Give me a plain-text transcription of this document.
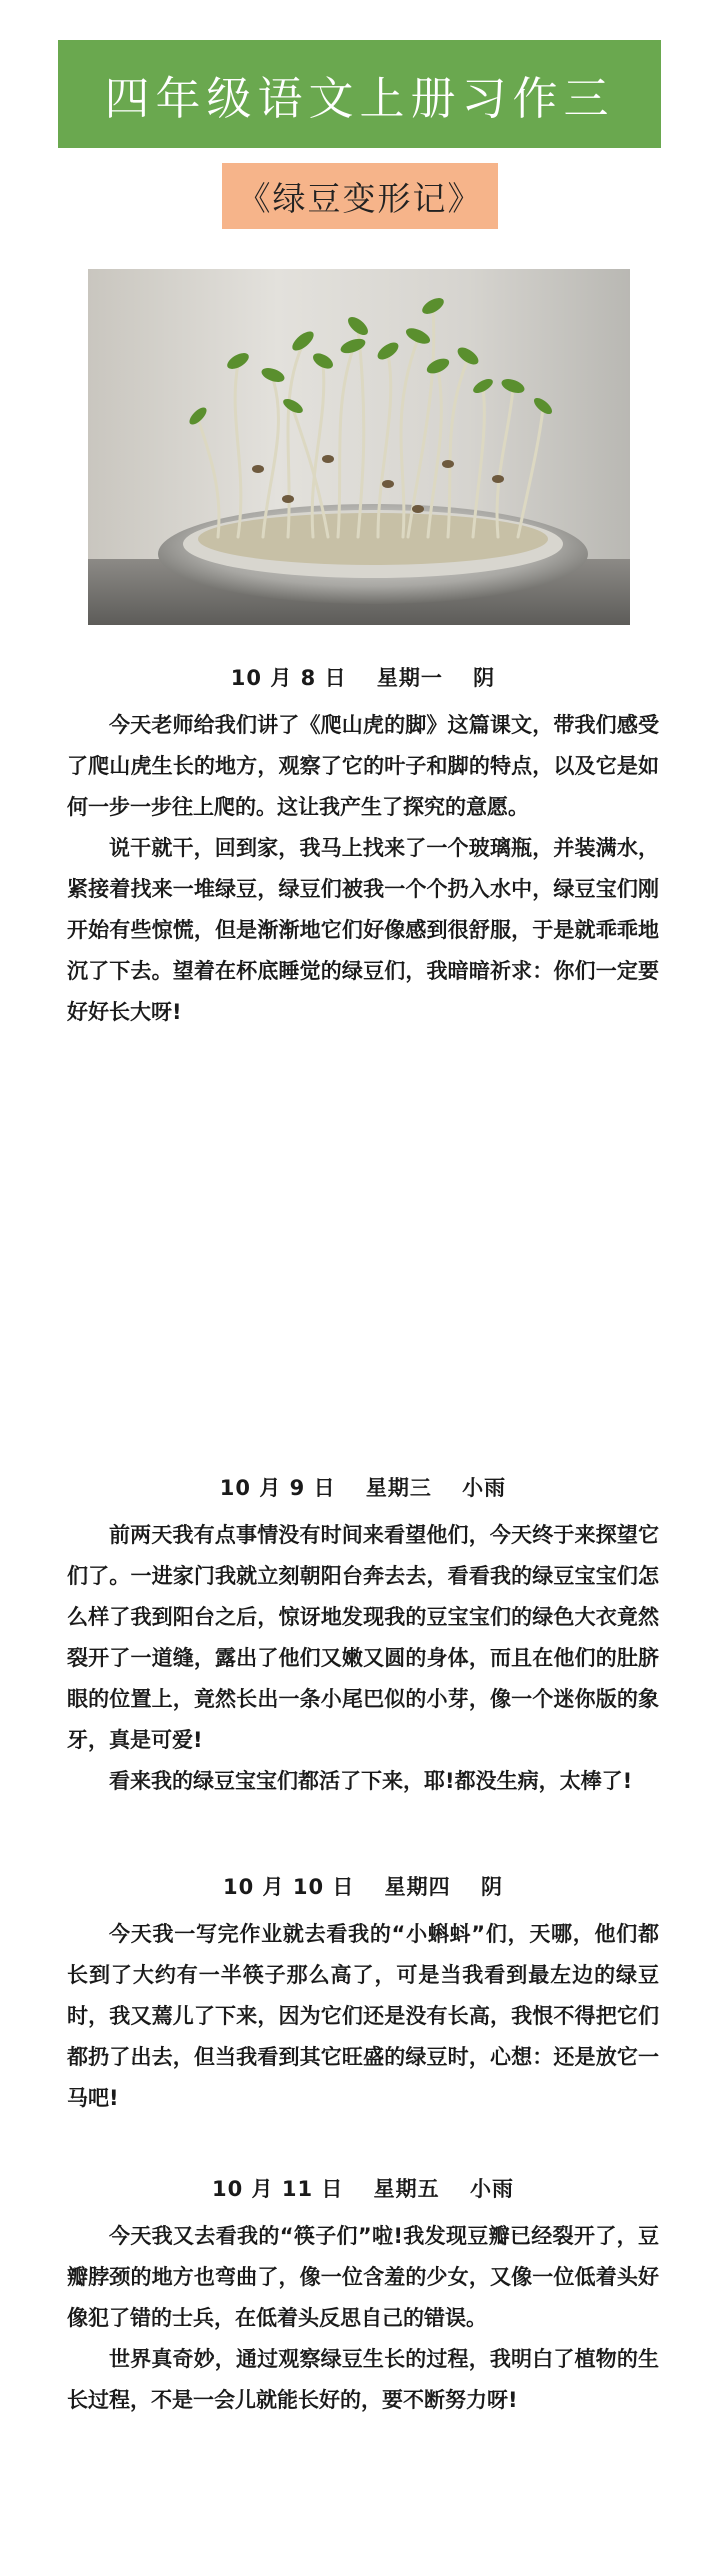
四年级语文上册习作三
《绿豆变形记》
10 月 8 日　 星期一　 阴

今天老师给我们讲了《爬山虎的脚》这篇课文，带我们感受了爬山虎生长的地方，观察了它的叶子和脚的特点，以及它是如何一步一步往上爬的。这让我产生了探究的意愿。

说干就干，回到家，我马上找来了一个玻璃瓶，并装满水，紧接着找来一堆绿豆，绿豆们被我一个个扔入水中，绿豆宝们刚开始有些惊慌，但是渐渐地它们好像感到很舒服，于是就乖乖地沉了下去。望着在杯底睡觉的绿豆们，我暗暗祈求：你们一定要好好长大呀!

10 月 9 日　 星期三　 小雨

前两天我有点事情没有时间来看望他们，今天终于来探望它们了。一进家门我就立刻朝阳台奔去去，看看我的绿豆宝宝们怎么样了我到阳台之后，惊讶地发现我的豆宝宝们的绿色大衣竟然裂开了一道缝，露出了他们又嫩又圆的身体，而且在他们的肚脐眼的位置上，竟然长出一条小尾巴似的小芽，像一个迷你版的象牙，真是可爱!

看来我的绿豆宝宝们都活了下来，耶!都没生病，太棒了!

10 月 10 日　 星期四　 阴

今天我一写完作业就去看我的“小蝌蚪”们，天哪，他们都长到了大约有一半筷子那么高了，可是当我看到最左边的绿豆时，我又蔫儿了下来，因为它们还是没有长高，我恨不得把它们都扔了出去，但当我看到其它旺盛的绿豆时，心想：还是放它一马吧!

10 月 11 日　 星期五　 小雨

今天我又去看我的“筷子们”啦!我发现豆瓣已经裂开了，豆瓣脖颈的地方也弯曲了，像一位含羞的少女，又像一位低着头好像犯了错的士兵，在低着头反思自己的错误。

世界真奇妙，通过观察绿豆生长的过程，我明白了植物的生长过程，不是一会儿就能长好的，要不断努力呀!
